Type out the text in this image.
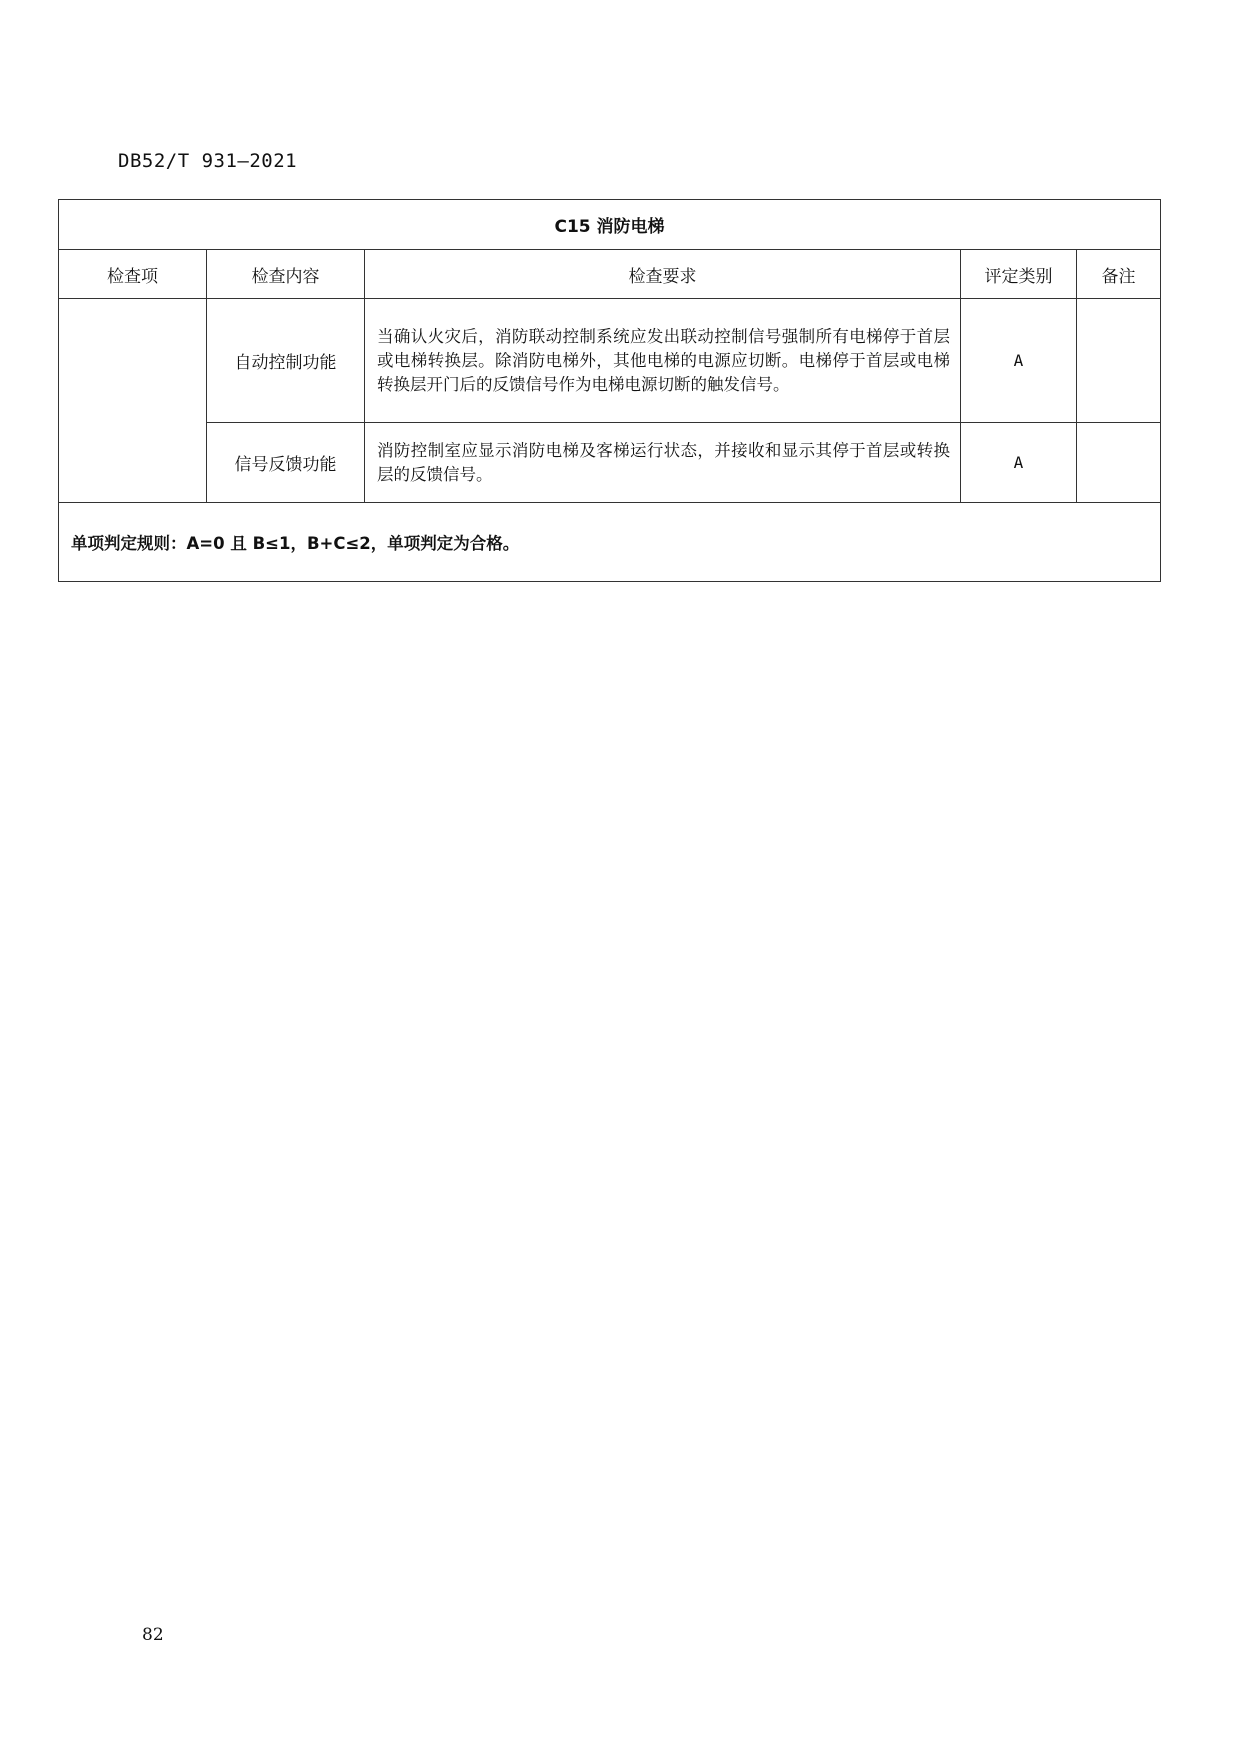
DB52/T 931—2021
C15 消防电梯				
检查项	检查内容	检查要求	评定类别	备注
	自动控制功能	当确认火灾后，消防联动控制系统应发出联动控制信号强制所有电梯停于首层或电梯转换层。除消防电梯外，其他电梯的电源应切断。电梯停于首层或电梯转换层开门后的反馈信号作为电梯电源切断的触发信号。	A	
	信号反馈功能	消防控制室应显示消防电梯及客梯运行状态，并接收和显示其停于首层或转换层的反馈信号。	A	
单项判定规则：A=0 且 B≤1，B+C≤2，单项判定为合格。				
82
